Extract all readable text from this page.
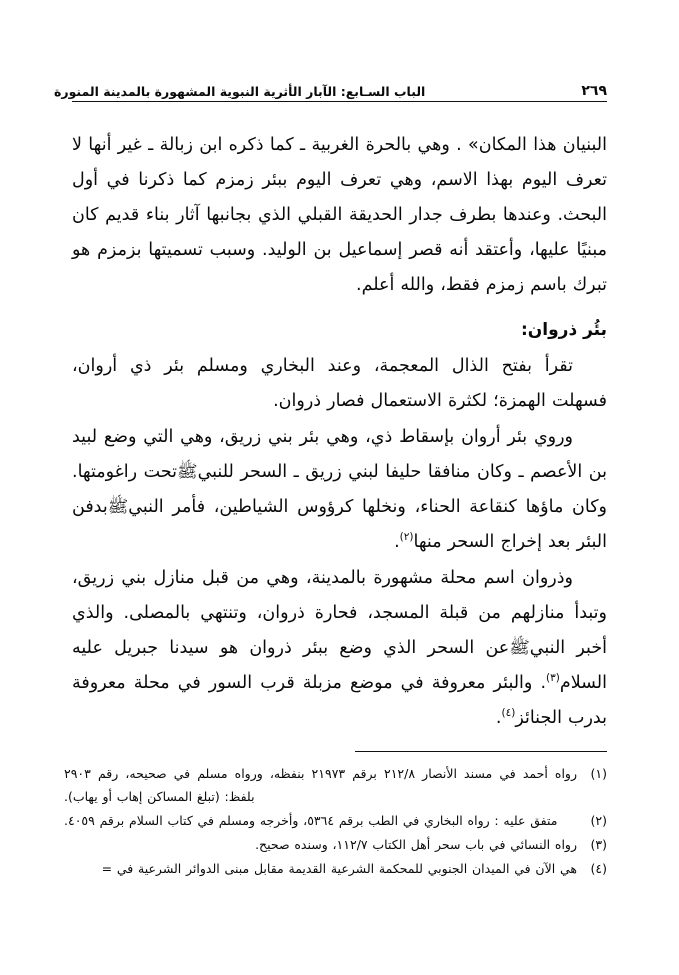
٢٦٩
الباب السـابع: الآبار الأثرية النبوية المشهورة بالمدينة المنورة

البنيان هذا المكان» . وهي بالحرة الغربية ـ كما ذكره ابن زبالة ـ غير أنها لا تعرف اليوم بهذا الاسم، وهي تعرف اليوم ببئر زمزم كما ذكرنا في أول البحث. وعندها بطرف جدار الحديقة القبلي الذي بجانبها آثار بناء قديم كان مبنيًا عليها، وأعتقد أنه قصر إسماعيل بن الوليد. وسبب تسميتها بزمزم هو تبرك باسم زمزم فقط، والله أعلم.

بئُر ذروان:

تقرأ بفتح الذال المعجمة، وعند البخاري ومسلم بئر ذي أروان، فسهلت الهمزة؛ لكثرة الاستعمال فصار ذروان.

وروي بئر أروان بإسقاط ذي، وهي بئر بني زريق، وهي التي وضع لبيد بن الأعصم ـ وكان منافقا حليفا لبني زريق ـ السحر للنبيﷺتحت راغومتها. وكان ماؤها كنقاعة الحناء، ونخلها كرؤوس الشياطين، فأمر النبيﷺبدفن البئر بعد إخراج السحر منها$^{(٢)}$.

وذروان اسم محلة مشهورة بالمدينة، وهي من قبل منازل بني زريق، وتبدأ منازلهم من قبلة المسجد، فحارة ذروان، وتنتهي بالمصلى. والذي أخبر النبيﷺعن السحر الذي وضع ببئر ذروان هو سيدنا جبريل عليه السلام$^{(٣)}$. والبئر معروفة في موضع مزبلة قرب السور في محلة معروفة بدرب الجنائز$^{(٤)}$.

(١)
رواه أحمد في مسند الأنصار ٢١٢/٨ برقم ٢١٩٧٣ بنفظه، ورواه مسلم في صحيحه، رقم ٢٩٠٣ بلفظ: (تبلغ المساكن إهاب أو يهاب).
(٢)
متفق عليه : رواه البخاري في الطب برقم ٥٣٦٤، وأخرجه ومسلم في كتاب السلام برقم ٤٠٥٩.
(٣)
رواه النسائي في باب سحر أهل الكتاب ١١٢/٧، وسنده صحيح.
(٤)
هي الآن في الميدان الجنوبي للمحكمة الشرعية القديمة مقابل مبنى الدوائر الشرعية في =
